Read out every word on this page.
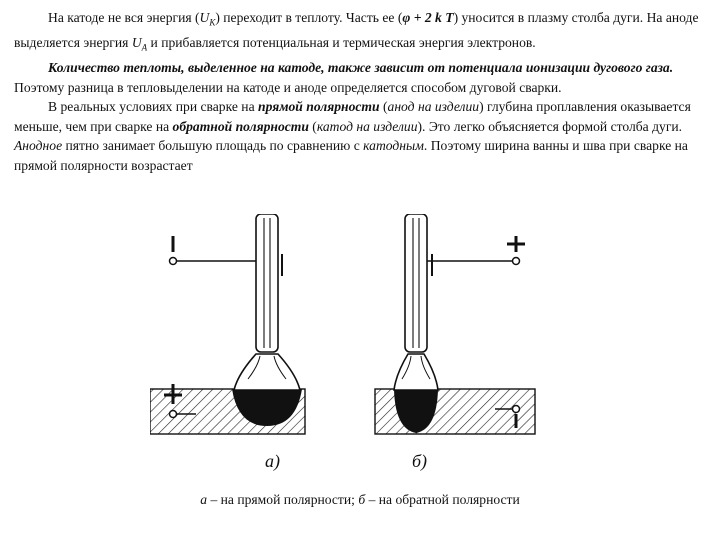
На катоде не вся энергия $(U_К)$ переходит в теплоту. Часть ее (φ + 2 k T) уносится в плазму столба дуги. На аноде выделяется энергия $U_A$ и прибавляется потенциальная и термическая энергия электронов.

Количество теплоты, выделенное на катоде, также зависит от потенциала ионизации дугового газа. Поэтому разница в тепловыделении на катоде и аноде определяется способом дуговой сварки.

В реальных условиях при сварке на прямой полярности (анод на изделии) глубина проплавления оказывается меньше, чем при сварке на обратной полярности (катод на изделии). Это легко объясняется формой столба дуги. Анодное пятно занимает большую площадь по сравнению с катодным. Поэтому ширина ванны и шва при сварке на прямой полярности возрастает

а)	б)
а – на прямой полярности; б – на обратной полярности
